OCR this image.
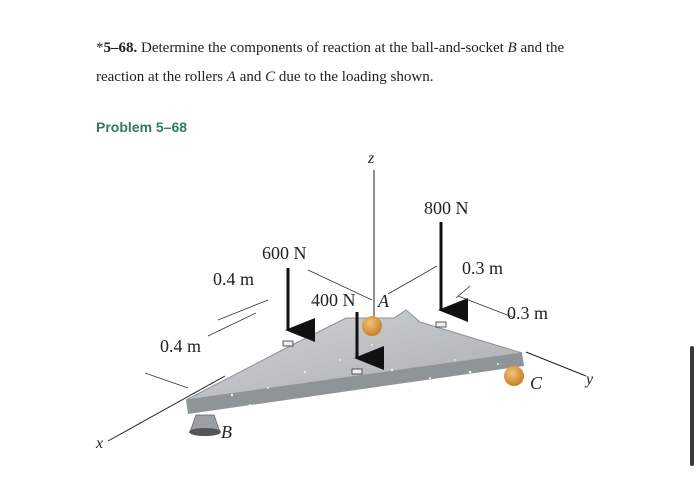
*5–68. Determine the components of reaction at the ball-and-socket B and the
reaction at the rollers A and C due to the loading shown.
Problem 5–68
z
x
y
800 N
600 N
400 N A
B
C
0.4 m
0.4 m
0.3 m
0.3 m
